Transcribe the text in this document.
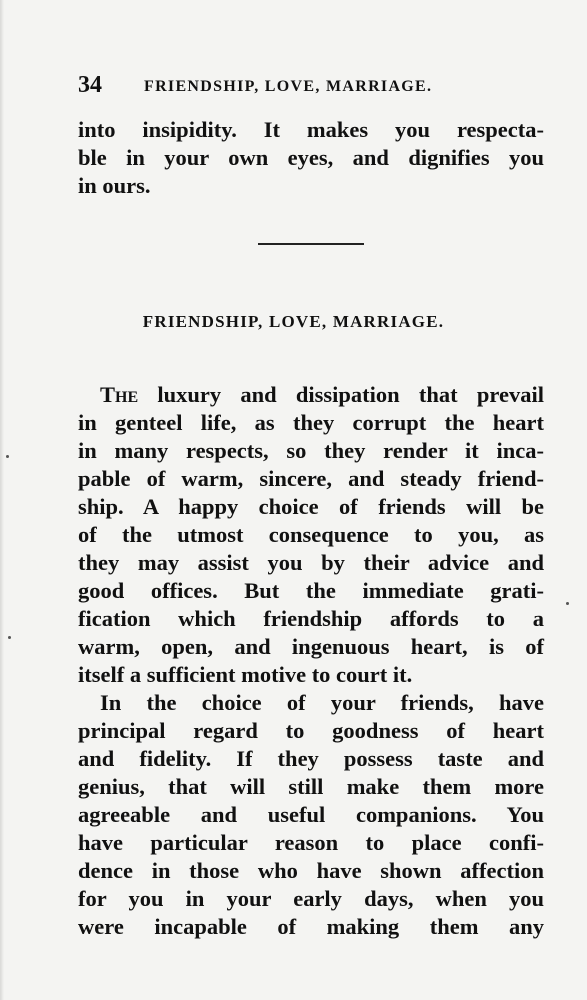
34	FRIENDSHIP, LOVE, MARRIAGE.
into insipidity. It makes you respecta-
ble in your own eyes, and dignifies you
in ours.
FRIENDSHIP, LOVE, MARRIAGE.
The luxury and dissipation that prevail
in genteel life, as they corrupt the heart
in many respects, so they render it inca-
pable of warm, sincere, and steady friend-
ship. A happy choice of friends will be
of the utmost consequence to you, as
they may assist you by their advice and
good offices. But the immediate grati-
fication which friendship affords to a
warm, open, and ingenuous heart, is of
itself a sufficient motive to court it.
In the choice of your friends, have
principal regard to goodness of heart
and fidelity. If they possess taste and
genius, that will still make them more
agreeable and useful companions. You
have particular reason to place confi-
dence in those who have shown affection
for you in your early days, when you
were incapable of making them any
